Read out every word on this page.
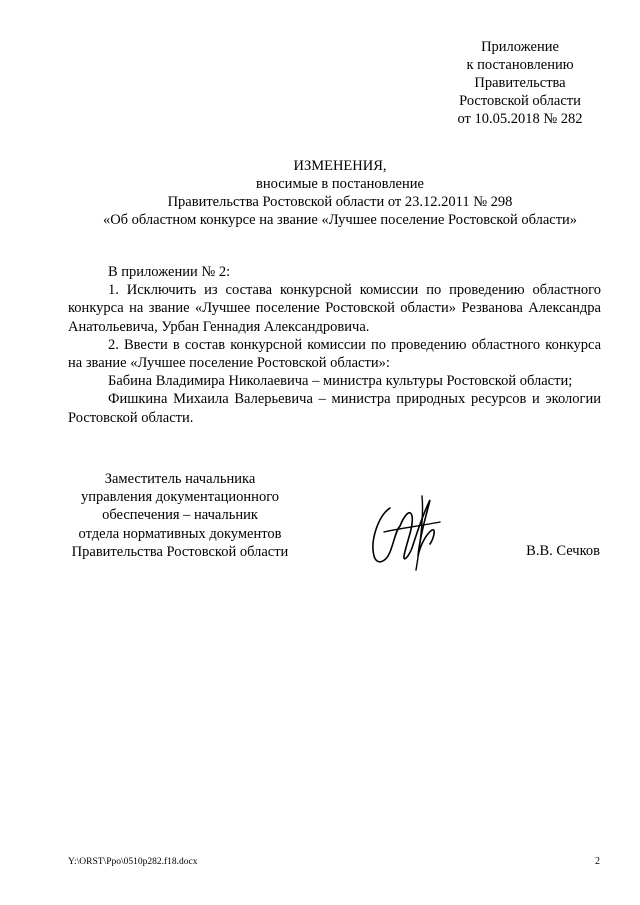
Приложение
к постановлению
Правительства
Ростовской области
от 10.05.2018 № 282
ИЗМЕНЕНИЯ,
вносимые в постановление
Правительства Ростовской области от 23.12.2011 № 298
«Об областном конкурсе на звание «Лучшее поселение Ростовской области»

В приложении № 2:

1. Исключить из состава конкурсной комиссии по проведению областного конкурса на звание «Лучшее поселение Ростовской области» Резванова Александра Анатольевича, Урбан Геннадия Александровича.

2. Ввести в состав конкурсной комиссии по проведению областного конкурса на звание «Лучшее поселение Ростовской области»:

Бабина Владимира Николаевича – министра культуры Ростовской области;

Фишкина Михаила Валерьевича – министра природных ресурсов и экологии Ростовской области.

Заместитель начальника
управления документационного
обеспечения – начальник
отдела нормативных документов
Правительства Ростовской области	В.В. Сечков
Y:\ORST\Ppo\0510p282.f18.docx	2
